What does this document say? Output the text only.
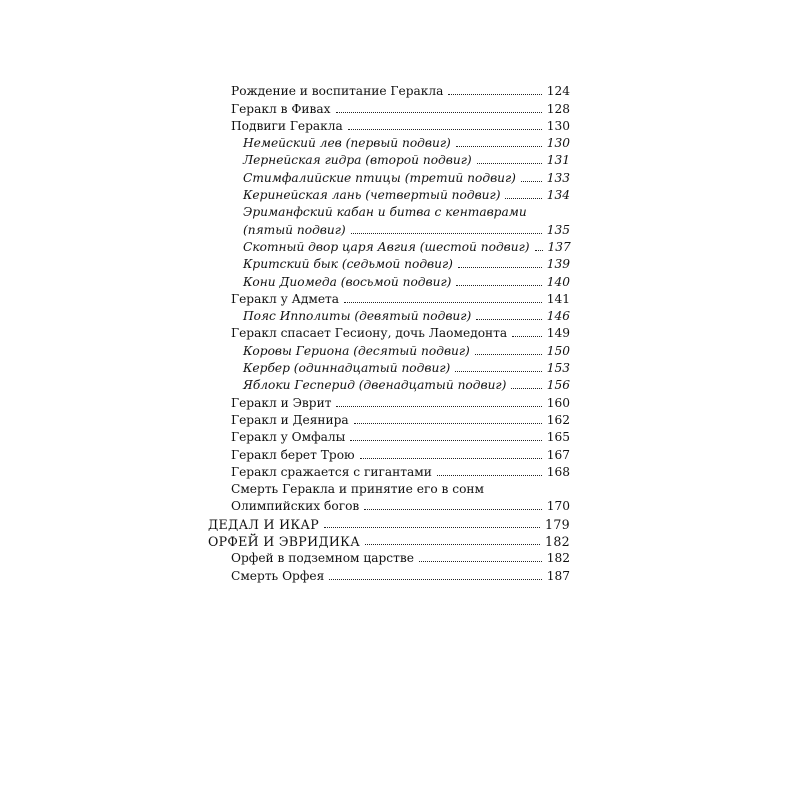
Рождение и воспитание Геракла	124
Геракл в Фивах	128
Подвиги Геракла	130
Немейский лев (первый подвиг)	130
Лернейская гидра (второй подвиг)	131
Стимфалийские птицы (третий подвиг)	133
Керинейская лань (четвертый подвиг)	134
Эриманфский кабан и битва с кентаврами
(пятый подвиг)	135
Скотный двор царя Авгия (шестой подвиг) 137
Критский бык (седьмой подвиг)	139
Кони Диомеда (восьмой подвиг)	140
Геракл у Адмета	141
Пояс Ипполиты (девятый подвиг)	146
Геракл спасает Гесиону, дочь Лаомедонта	149
Коровы Гериона (десятый подвиг)	150
Кербер (одиннадцатый подвиг)	153
Яблоки Гесперид (двенадцатый подвиг)	156
Геракл и Эврит	160
Геракл и Деянира	162
Геракл у Омфалы	165
Геракл берет Трою	167
Геракл сражается с гигантами	168
Смерть Геракла и принятие его в сонм
Олимпийских богов	170
ДЕДАЛ И ИКАР	179
ОРФЕЙ И ЭВРИДИКА	182
Орфей в подземном царстве	182
Смерть Орфея	187
